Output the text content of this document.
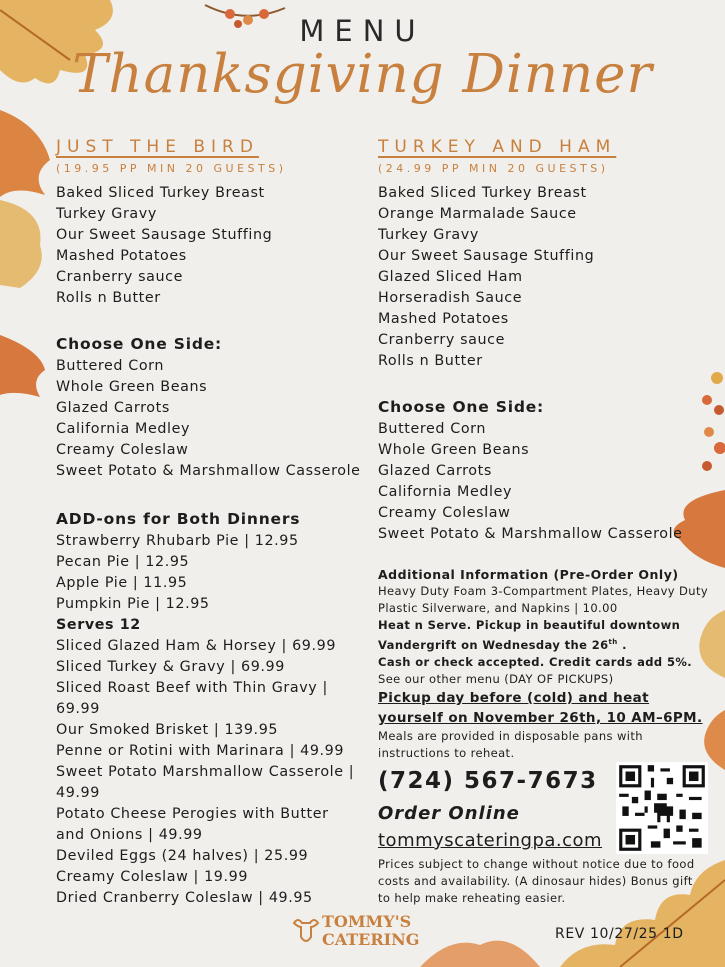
MENU
Thanksgiving Dinner
JUST THE BIRD
(19.95 PP MIN 20 GUESTS)
Baked Sliced Turkey Breast
Turkey Gravy
Our Sweet Sausage Stuffing
Mashed Potatoes
Cranberry sauce
Rolls n Butter
Choose One Side:
Buttered Corn
Whole Green Beans
Glazed Carrots
California Medley
Creamy Coleslaw
Sweet Potato & Marshmallow Casserole
ADD-ons for Both Dinners
Strawberry Rhubarb Pie | 12.95
Pecan Pie | 12.95
Apple Pie | 11.95
Pumpkin Pie | 12.95
Serves 12
Sliced Glazed Ham & Horsey | 69.99
Sliced Turkey & Gravy | 69.99
Sliced Roast Beef with Thin Gravy | 69.99
Our Smoked Brisket | 139.95
Penne or Rotini with Marinara | 49.99
Sweet Potato Marshmallow Casserole | 49.99
Potato Cheese Perogies with Butter and Onions | 49.99
Deviled Eggs (24 halves) | 25.99
Creamy Coleslaw | 19.99
Dried Cranberry Coleslaw | 49.95
TURKEY AND HAM
(24.99 PP MIN 20 GUESTS)
Baked Sliced Turkey Breast
Orange Marmalade Sauce
Turkey Gravy
Our Sweet Sausage Stuffing
Glazed Sliced Ham
Horseradish Sauce
Mashed Potatoes
Cranberry sauce
Rolls n Butter
Choose One Side:
Buttered Corn
Whole Green Beans
Glazed Carrots
California Medley
Creamy Coleslaw
Sweet Potato & Marshmallow Casserole
Additional Information (Pre-Order Only)
Heavy Duty Foam 3-Compartment Plates, Heavy Duty Plastic Silverware, and Napkins | 10.00
Heat n Serve. Pickup in beautiful downtown Vandergrift on Wednesday the 26th .
Cash or check accepted. Credit cards add 5%.
See our other menu (DAY OF PICKUPS)
Pickup day before (cold) and heat yourself on November 26th, 10 AM–6PM.
Meals are provided in disposable pans with instructions to reheat.
(724) 567-7673
Order Online
tommyscateringpa.com
Prices subject to change without notice due to food costs and availability. (A dinosaur hides) Bonus gift to help make reheating easier.
TOMMY'S
CATERING	REV 10/27/25 1D
